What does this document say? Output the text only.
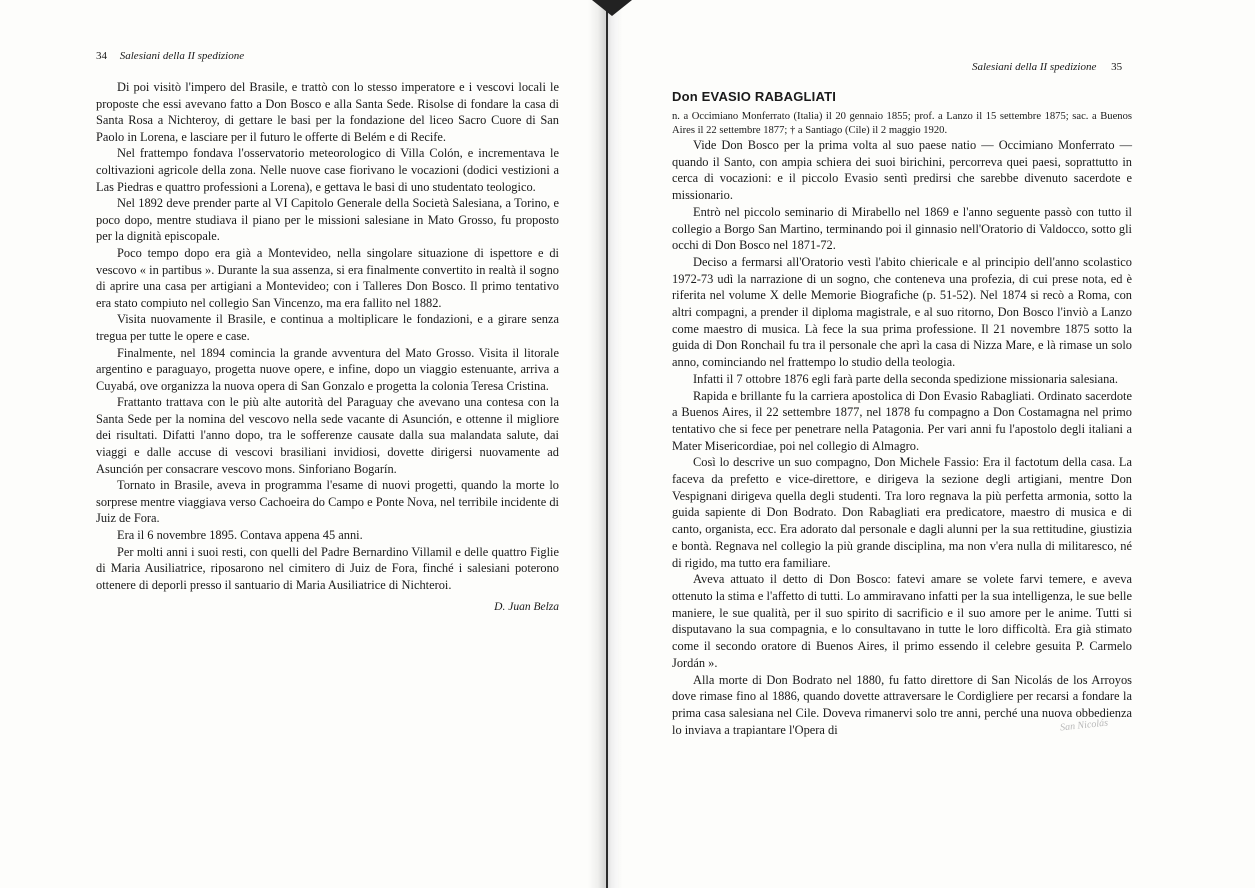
34 Salesiani della II spedizione

Di poi visitò l'impero del Brasile, e trattò con lo stesso imperatore e i vescovi locali le proposte che essi avevano fatto a Don Bosco e alla Santa Sede. Risolse di fondare la casa di Santa Rosa a Nichteroy, di gettare le basi per la fondazione del liceo Sacro Cuore di San Paolo in Lorena, e lasciare per il futuro le offerte di Belém e di Recife.

Nel frattempo fondava l'osservatorio meteorologico di Villa Colón, e incrementava le coltivazioni agricole della zona. Nelle nuove case fiorivano le vocazioni (dodici vestizioni a Las Piedras e quattro professioni a Lorena), e gettava le basi di uno studentato teologico.

Nel 1892 deve prender parte al VI Capitolo Generale della Società Salesiana, a Torino, e poco dopo, mentre studiava il piano per le missioni salesiane in Mato Grosso, fu proposto per la dignità episcopale.

Poco tempo dopo era già a Montevideo, nella singolare situazione di ispettore e di vescovo « in partibus ». Durante la sua assenza, si era finalmente convertito in realtà il sogno di aprire una casa per artigiani a Montevideo; con i Talleres Don Bosco. Il primo tentativo era stato compiuto nel collegio San Vincenzo, ma era fallito nel 1882.

Visita nuovamente il Brasile, e continua a moltiplicare le fondazioni, e a girare senza tregua per tutte le opere e case.

Finalmente, nel 1894 comincia la grande avventura del Mato Grosso. Visita il litorale argentino e paraguayo, progetta nuove opere, e infine, dopo un viaggio estenuante, arriva a Cuyabá, ove organizza la nuova opera di San Gonzalo e progetta la colonia Teresa Cristina.

Frattanto trattava con le più alte autorità del Paraguay che avevano una contesa con la Santa Sede per la nomina del vescovo nella sede vacante di Asunción, e ottenne il migliore dei risultati. Difatti l'anno dopo, tra le sofferenze causate dalla sua malandata salute, dai viaggi e dalle accuse di vescovi brasiliani invidiosi, dovette dirigersi nuovamente ad Asunción per consacrare vescovo mons. Sinforiano Bogarín.

Tornato in Brasile, aveva in programma l'esame di nuovi progetti, quando la morte lo sorprese mentre viaggiava verso Cachoeira do Campo e Ponte Nova, nel terribile incidente di Juiz de Fora.

Era il 6 novembre 1895. Contava appena 45 anni.

Per molti anni i suoi resti, con quelli del Padre Bernardino Villamil e delle quattro Figlie di Maria Ausiliatrice, riposarono nel cimitero di Juiz de Fora, finché i salesiani poterono ottenere di deporli presso il santuario di Maria Ausiliatrice di Nichteroi.

D. Juan Belza

Salesiani della II spedizione 35
Don EVASIO RABAGLIATI

n. a Occimiano Monferrato (Italia) il 20 gennaio 1855; prof. a Lanzo il 15 settembre 1875; sac. a Buenos Aires il 22 settembre 1877; † a Santiago (Cile) il 2 maggio 1920.

Vide Don Bosco per la prima volta al suo paese natio — Occimiano Monferrato — quando il Santo, con ampia schiera dei suoi birichini, percorreva quei paesi, soprattutto in cerca di vocazioni: e il piccolo Evasio sentì predirsi che sarebbe divenuto sacerdote e missionario.

Entrò nel piccolo seminario di Mirabello nel 1869 e l'anno seguente passò con tutto il collegio a Borgo San Martino, terminando poi il ginnasio nell'Oratorio di Valdocco, sotto gli occhi di Don Bosco nel 1871-72.

Deciso a fermarsi all'Oratorio vestì l'abito chiericale e al principio dell'anno scolastico 1972-73 udì la narrazione di un sogno, che conteneva una profezia, di cui prese nota, ed è riferita nel volume X delle Memorie Biografiche (p. 51-52). Nel 1874 si recò a Roma, con altri compagni, a prender il diploma magistrale, e al suo ritorno, Don Bosco l'inviò a Lanzo come maestro di musica. Là fece la sua prima professione. Il 21 novembre 1875 sotto la guida di Don Ronchail fu tra il personale che aprì la casa di Nizza Mare, e là rimase un solo anno, cominciando nel frattempo lo studio della teologia.

Infatti il 7 ottobre 1876 egli farà parte della seconda spedizione missionaria salesiana.

Rapida e brillante fu la carriera apostolica di Don Evasio Rabagliati. Ordinato sacerdote a Buenos Aires, il 22 settembre 1877, nel 1878 fu compagno a Don Costamagna nel primo tentativo che si fece per penetrare nella Patagonia. Per vari anni fu l'apostolo degli italiani a Mater Misericordiae, poi nel collegio di Almagro.

Così lo descrive un suo compagno, Don Michele Fassio: Era il factotum della casa. La faceva da prefetto e vice-direttore, e dirigeva la sezione degli artigiani, mentre Don Vespignani dirigeva quella degli studenti. Tra loro regnava la più perfetta armonia, sotto la guida sapiente di Don Bodrato. Don Rabagliati era predicatore, maestro di musica e di canto, organista, ecc. Era adorato dal personale e dagli alunni per la sua rettitudine, giustizia e bontà. Regnava nel collegio la più grande disciplina, ma non v'era nulla di militaresco, né di rigido, ma tutto era familiare.

Aveva attuato il detto di Don Bosco: fatevi amare se volete farvi temere, e aveva ottenuto la stima e l'affetto di tutti. Lo ammiravano infatti per la sua intelligenza, le sue belle maniere, le sue qualità, per il suo spirito di sacrificio e il suo amore per le anime. Tutti si disputavano la sua compagnia, e lo consultavano in tutte le loro difficoltà. Era già stimato come il secondo oratore di Buenos Aires, il primo essendo il celebre gesuita P. Carmelo Jordán ».

Alla morte di Don Bodrato nel 1880, fu fatto direttore di San Nicolás de los Arroyos dove rimase fino al 1886, quando dovette attraversare le Cordigliere per recarsi a fondare la prima casa salesiana nel Cile. Doveva rimanervi solo tre anni, perché una nuova obbedienza lo inviava a trapiantare l'Opera di	San Nicolás
